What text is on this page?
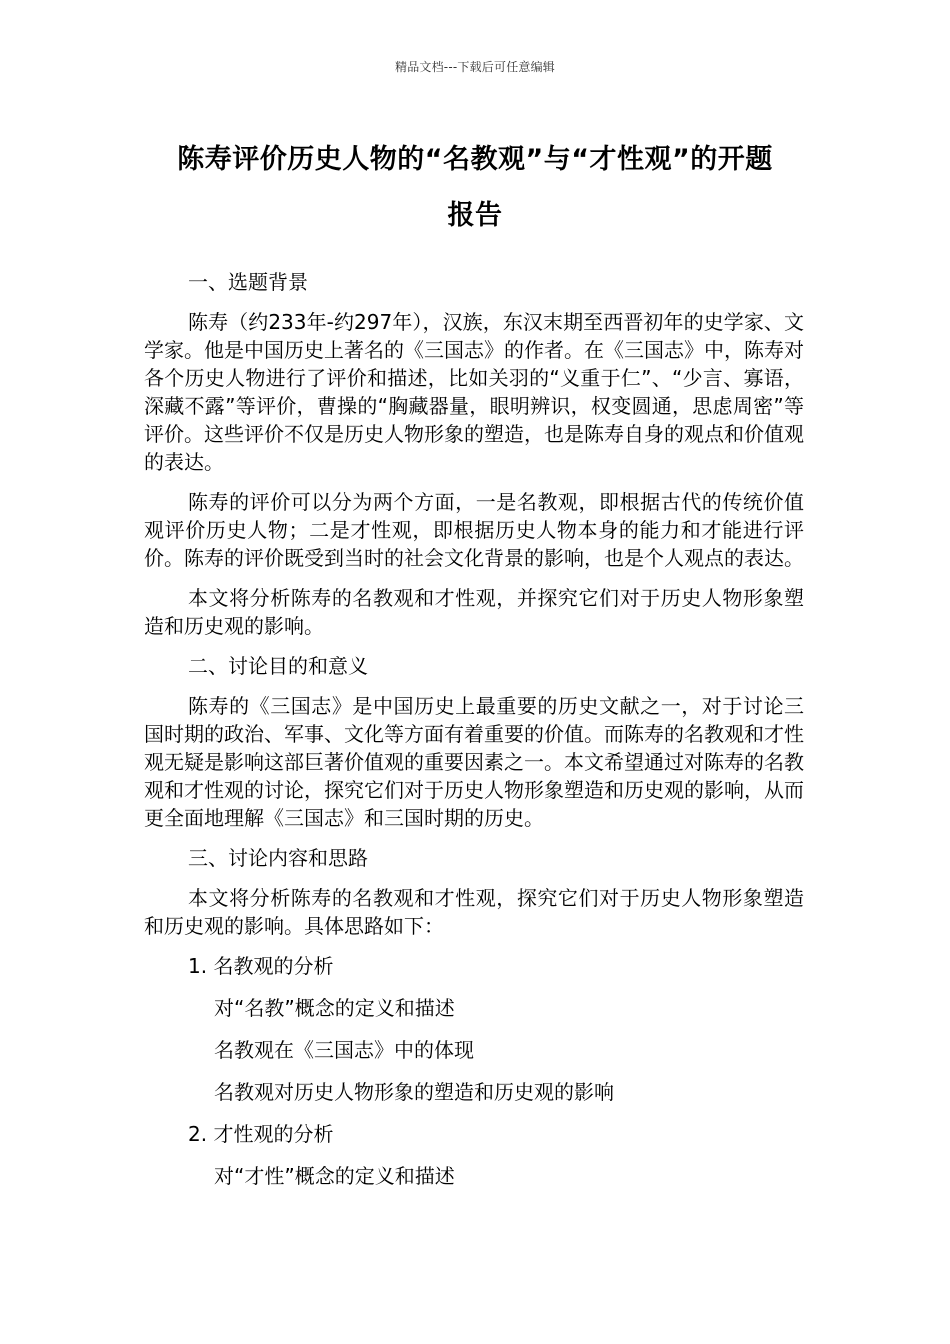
精品文档---下载后可任意编辑
陈寿评价历史人物的“名教观”与“才性观”的开题
报告
一、选题背景

陈寿（约233年-约297年），汉族，东汉末期至西晋初年的史学家、文学家。他是中国历史上著名的《三国志》的作者。在《三国志》中，陈寿对各个历史人物进行了评价和描述，比如关羽的“义重于仁”、“少言、寡语，深藏不露”等评价，曹操的“胸藏器量，眼明辨识，权变圆通，思虑周密”等评价。这些评价不仅是历史人物形象的塑造，也是陈寿自身的观点和价值观的表达。

陈寿的评价可以分为两个方面，一是名教观，即根据古代的传统价值观评价历史人物；二是才性观，即根据历史人物本身的能力和才能进行评价。陈寿的评价既受到当时的社会文化背景的影响，也是个人观点的表达。

本文将分析陈寿的名教观和才性观，并探究它们对于历史人物形象塑造和历史观的影响。

二、讨论目的和意义

陈寿的《三国志》是中国历史上最重要的历史文献之一，对于讨论三国时期的政治、军事、文化等方面有着重要的价值。而陈寿的名教观和才性观无疑是影响这部巨著价值观的重要因素之一。本文希望通过对陈寿的名教观和才性观的讨论，探究它们对于历史人物形象塑造和历史观的影响，从而更全面地理解《三国志》和三国时期的历史。

三、讨论内容和思路

本文将分析陈寿的名教观和才性观，探究它们对于历史人物形象塑造和历史观的影响。具体思路如下：

1. 名教观的分析
对“名教”概念的定义和描述
名教观在《三国志》中的体现
名教观对历史人物形象的塑造和历史观的影响
2. 才性观的分析
对“才性”概念的定义和描述
